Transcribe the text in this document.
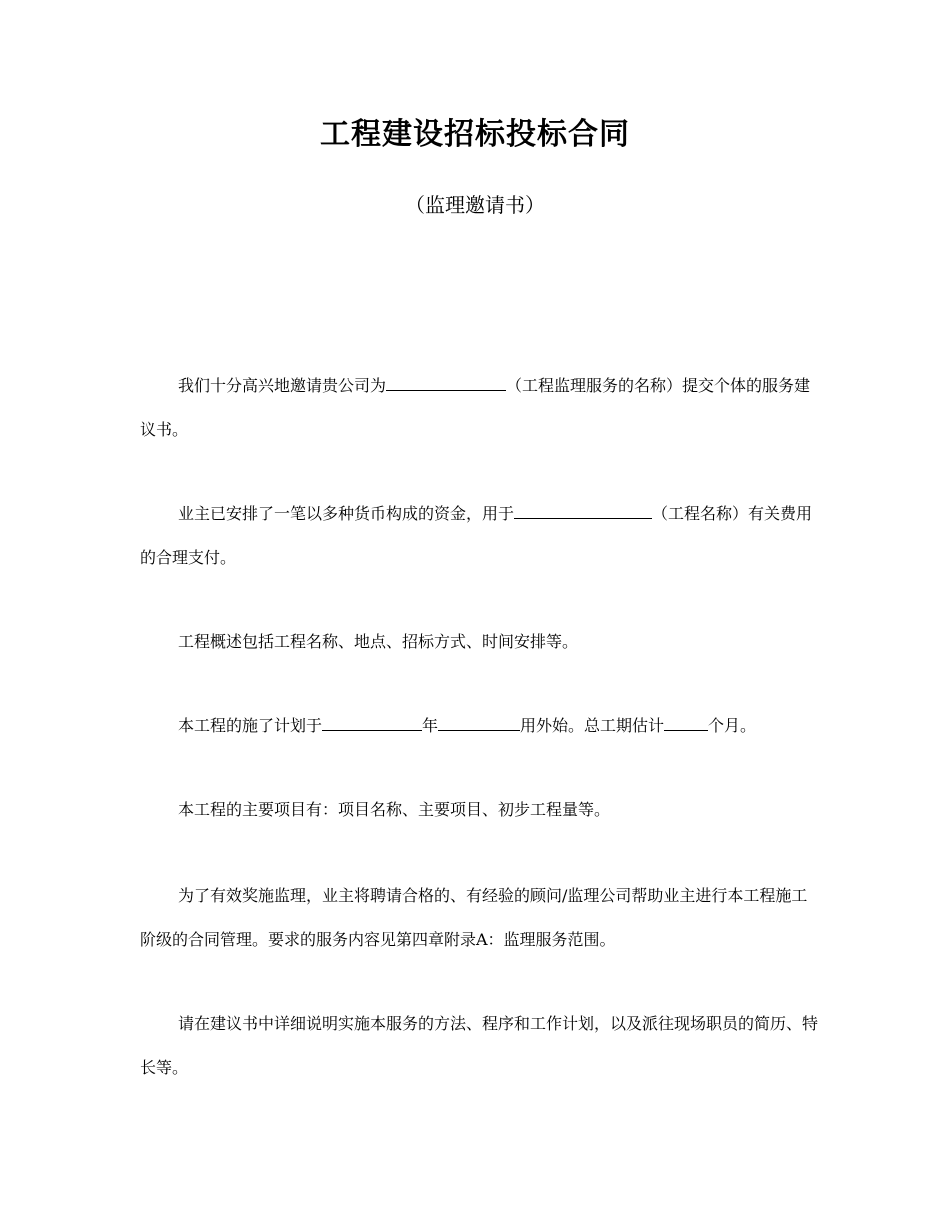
工程建设招标投标合同
（监理邀请书）

我们十分高兴地邀请贵公司为	（工程监理服务的名称）提交个体的服务建议书。

业主已安排了一笔以多种货币构成的资金，用于	（工程名称）有关费用的合理支付。

工程概述包括工程名称、地点、招标方式、时间安排等。

本工程的施了计划于	年	用外始。总工期估计	个月。

本工程的主要项目有：项目名称、主要项目、初步工程量等。

为了有效奖施监理，业主将聘请合格的、有经验的顾问/监理公司帮助业主进行本工程施工阶级的合同管理。要求的服务内容见第四章附录A：监理服务范围。

请在建议书中详细说明实施本服务的方法、程序和工作计划，以及派往现场职员的简历、特长等。
